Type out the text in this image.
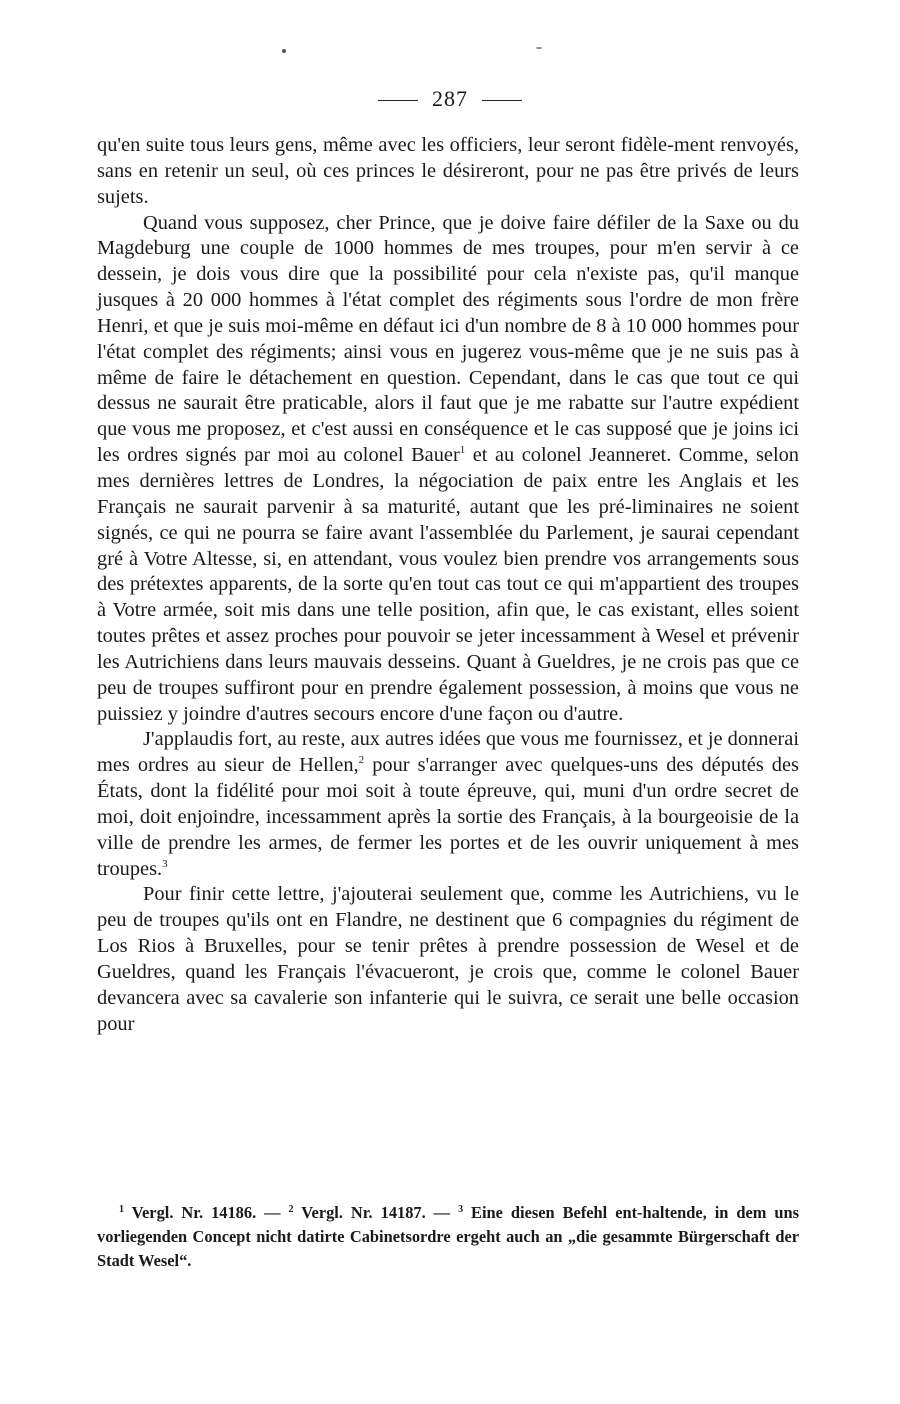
287

qu'en suite tous leurs gens, même avec les officiers, leur seront fidèle-ment renvoyés, sans en retenir un seul, où ces princes le désireront, pour ne pas être privés de leurs sujets.

Quand vous supposez, cher Prince, que je doive faire défiler de la Saxe ou du Magdeburg une couple de 1000 hommes de mes troupes, pour m'en servir à ce dessein, je dois vous dire que la possibilité pour cela n'existe pas, qu'il manque jusques à 20 000 hommes à l'état complet des régiments sous l'ordre de mon frère Henri, et que je suis moi-même en défaut ici d'un nombre de 8 à 10 000 hommes pour l'état complet des régiments; ainsi vous en jugerez vous-même que je ne suis pas à même de faire le détachement en question. Cependant, dans le cas que tout ce qui dessus ne saurait être praticable, alors il faut que je me rabatte sur l'autre expédient que vous me proposez, et c'est aussi en conséquence et le cas supposé que je joins ici les ordres signés par moi au colonel Bauer$^1$ et au colonel Jeanneret. Comme, selon mes dernières lettres de Londres, la négociation de paix entre les Anglais et les Français ne saurait parvenir à sa maturité, autant que les pré-liminaires ne soient signés, ce qui ne pourra se faire avant l'assemblée du Parlement, je saurai cependant gré à Votre Altesse, si, en attendant, vous voulez bien prendre vos arrangements sous des prétextes apparents, de la sorte qu'en tout cas tout ce qui m'appartient des troupes à Votre armée, soit mis dans une telle position, afin que, le cas existant, elles soient toutes prêtes et assez proches pour pouvoir se jeter incessamment à Wesel et prévenir les Autrichiens dans leurs mauvais desseins. Quant à Gueldres, je ne crois pas que ce peu de troupes suffiront pour en prendre également possession, à moins que vous ne puissiez y joindre d'autres secours encore d'une façon ou d'autre.

J'applaudis fort, au reste, aux autres idées que vous me fournissez, et je donnerai mes ordres au sieur de Hellen,$^2$ pour s'arranger avec quelques-uns des députés des États, dont la fidélité pour moi soit à toute épreuve, qui, muni d'un ordre secret de moi, doit enjoindre, incessamment après la sortie des Français, à la bourgeoisie de la ville de prendre les armes, de fermer les portes et de les ouvrir uniquement à mes troupes.$^3$

Pour finir cette lettre, j'ajouterai seulement que, comme les Autrichiens, vu le peu de troupes qu'ils ont en Flandre, ne destinent que 6 compagnies du régiment de Los Rios à Bruxelles, pour se tenir prêtes à prendre possession de Wesel et de Gueldres, quand les Français l'évacueront, je crois que, comme le colonel Bauer devancera avec sa cavalerie son infanterie qui le suivra, ce serait une belle occasion pour

$^1$ Vergl. Nr. 14186. — $^2$ Vergl. Nr. 14187. — $^3$ Eine diesen Befehl ent-haltende, in dem uns vorliegenden Concept nicht datirte Cabinetsordre ergeht auch an „die gesammte Bürgerschaft der Stadt Wesel“.
